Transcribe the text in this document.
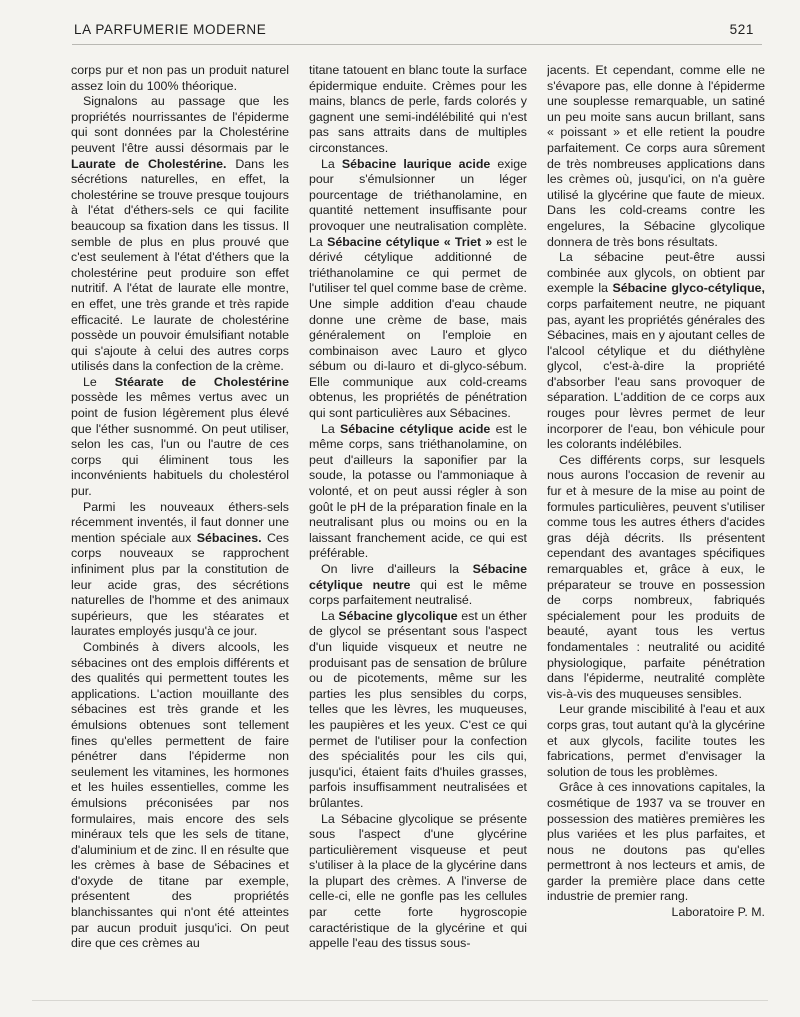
LA PARFUMERIE MODERNE	521

corps pur et non pas un produit naturel assez loin du 100% théorique.

Signalons au passage que les propriétés nourrissantes de l'épiderme qui sont données par la Cholestérine peuvent l'être aussi désormais par le Laurate de Cholestérine. Dans les sécrétions naturelles, en effet, la cholestérine se trouve presque toujours à l'état d'éthers-sels ce qui facilite beaucoup sa fixation dans les tissus. Il semble de plus en plus prouvé que c'est seulement à l'état d'éthers que la cholestérine peut produire son effet nutritif. A l'état de laurate elle montre, en effet, une très grande et très rapide efficacité. Le laurate de cholestérine possède un pouvoir émulsifiant notable qui s'ajoute à celui des autres corps utilisés dans la confection de la crème.

Le Stéarate de Cholestérine possède les mêmes vertus avec un point de fusion légèrement plus élevé que l'éther susnommé. On peut utiliser, selon les cas, l'un ou l'autre de ces corps qui éliminent tous les inconvénients habituels du cholestérol pur.

Parmi les nouveaux éthers-sels récemment inventés, il faut donner une mention spéciale aux Sébacines. Ces corps nouveaux se rapprochent infiniment plus par la constitution de leur acide gras, des sécrétions naturelles de l'homme et des animaux supérieurs, que les stéarates et laurates employés jusqu'à ce jour.

Combinés à divers alcools, les sébacines ont des emplois différents et des qualités qui permettent toutes les applications. L'action mouillante des sébacines est très grande et les émulsions obtenues sont tellement fines qu'elles permettent de faire pénétrer dans l'épiderme non seulement les vitamines, les hormones et les huiles essentielles, comme les émulsions préconisées par nos formulaires, mais encore des sels minéraux tels que les sels de titane, d'aluminium et de zinc. Il en résulte que les crèmes à base de Sébacines et d'oxyde de titane par exemple, présentent des propriétés blanchissantes qui n'ont été atteintes par aucun produit jusqu'ici. On peut dire que ces crèmes au

titane tatouent en blanc toute la surface épidermique enduite. Crèmes pour les mains, blancs de perle, fards colorés y gagnent une semi-indélébilité qui n'est pas sans attraits dans de multiples circonstances.

La Sébacine laurique acide exige pour s'émulsionner un léger pourcentage de triéthanolamine, en quantité nettement insuffisante pour provoquer une neutralisation complète. La Sébacine cétylique « Triet » est le dérivé cétylique additionné de triéthanolamine ce qui permet de l'utiliser tel quel comme base de crème. Une simple addition d'eau chaude donne une crème de base, mais généralement on l'emploie en combinaison avec Lauro et glyco sébum ou di-lauro et di-glyco-sébum. Elle communique aux cold-creams obtenus, les propriétés de pénétration qui sont particulières aux Sébacines.

La Sébacine cétylique acide est le même corps, sans triéthanolamine, on peut d'ailleurs la saponifier par la soude, la potasse ou l'ammoniaque à volonté, et on peut aussi régler à son goût le pH de la préparation finale en la neutralisant plus ou moins ou en la laissant franchement acide, ce qui est préférable.

On livre d'ailleurs la Sébacine cétylique neutre qui est le même corps parfaitement neutralisé.

La Sébacine glycolique est un éther de glycol se présentant sous l'aspect d'un liquide visqueux et neutre ne produisant pas de sensation de brûlure ou de picotements, même sur les parties les plus sensibles du corps, telles que les lèvres, les muqueuses, les paupières et les yeux. C'est ce qui permet de l'utiliser pour la confection des spécialités pour les cils qui, jusqu'ici, étaient faits d'huiles grasses, parfois insuffisamment neutralisées et brûlantes.

La Sébacine glycolique se présente sous l'aspect d'une glycérine particulièrement visqueuse et peut s'utiliser à la place de la glycérine dans la plupart des crèmes. A l'inverse de celle-ci, elle ne gonfle pas les cellules par cette forte hygroscopie caractéristique de la glycérine et qui appelle l'eau des tissus sous-

jacents. Et cependant, comme elle ne s'évapore pas, elle donne à l'épiderme une souplesse remarquable, un satiné un peu moite sans aucun brillant, sans « poissant » et elle retient la poudre parfaitement. Ce corps aura sûrement de très nombreuses applications dans les crèmes où, jusqu'ici, on n'a guère utilisé la glycérine que faute de mieux. Dans les cold-creams contre les engelures, la Sébacine glycolique donnera de très bons résultats.

La sébacine peut-être aussi combinée aux glycols, on obtient par exemple la Sébacine glyco-cétylique, corps parfaitement neutre, ne piquant pas, ayant les propriétés générales des Sébacines, mais en y ajoutant celles de l'alcool cétylique et du diéthylène glycol, c'est-à-dire la propriété d'absorber l'eau sans provoquer de séparation. L'addition de ce corps aux rouges pour lèvres permet de leur incorporer de l'eau, bon véhicule pour les colorants indélébiles.

Ces différents corps, sur lesquels nous aurons l'occasion de revenir au fur et à mesure de la mise au point de formules particulières, peuvent s'utiliser comme tous les autres éthers d'acides gras déjà décrits. Ils présentent cependant des avantages spécifiques remarquables et, grâce à eux, le préparateur se trouve en possession de corps nombreux, fabriqués spécialement pour les produits de beauté, ayant tous les vertus fondamentales : neutralité ou acidité physiologique, parfaite pénétration dans l'épiderme, neutralité complète vis-à-vis des muqueuses sensibles.

Leur grande miscibilité à l'eau et aux corps gras, tout autant qu'à la glycérine et aux glycols, facilite toutes les fabrications, permet d'envisager la solution de tous les problèmes.

Grâce à ces innovations capitales, la cosmétique de 1937 va se trouver en possession des matières premières les plus variées et les plus parfaites, et nous ne doutons pas qu'elles permettront à nos lecteurs et amis, de garder la première place dans cette industrie de premier rang.

Laboratoire P. M.
